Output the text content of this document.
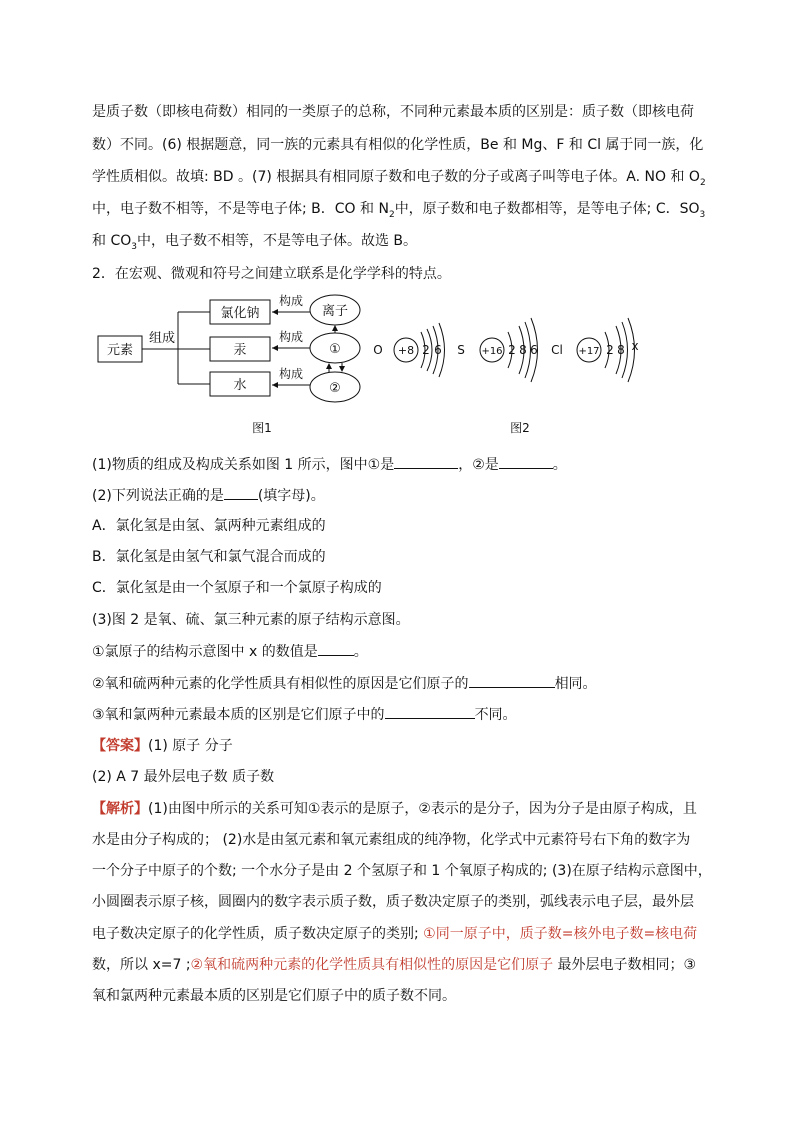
是质子数（即核电荷数）相同的一类原子的总称，不同种元素最本质的区别是：质子数（即核电荷
数）不同。(6) 根据题意，同一族的元素具有相似的化学性质，Be 和 Mg、F 和 Cl 属于同一族，化
学性质相似。故填: BD 。(7) 根据具有相同原子数和电子数的分子或离子叫等电子体。A. NO 和 $O_2$
中，电子数不相等，不是等电子体; B．CO 和 $N_2$中，原子数和电子数都相等，是等电子体; C．$SO_3$
和 $CO_3$中，电子数不相等，不是等电子体。故选 B。
2．在宏观、微观和符号之间建立联系是化学学科的特点。
元素
组成
氯化钠
汞
水
离子
①
②
构成
构成
构成
图1	图2
O +8 2 6 S +16 2 8 6 Cl +17 2 8 x
(1)物质的组成及构成关系如图 1 所示，图中①是	，②是	。
(2)下列说法正确的是 (填字母)。
A．氯化氢是由氢、氯两种元素组成的
B．氯化氢是由氢气和氯气混合而成的
C．氯化氢是由一个氢原子和一个氯原子构成的
(3)图 2 是氧、硫、氯三种元素的原子结构示意图。
①氯原子的结构示意图中 x 的数值是	。
②氧和硫两种元素的化学性质具有相似性的原因是它们原子的	相同。
③氧和氯两种元素最本质的区别是它们原子中的	不同。
【答案】(1) 原子 分子
(2) A 7 最外层电子数 质子数
【解析】(1)由图中所示的关系可知①表示的是原子，②表示的是分子，因为分子是由原子构成，且
水是由分子构成的； (2)水是由氢元素和氧元素组成的纯净物，化学式中元素符号右下角的数字为
一个分子中原子的个数; 一个水分子是由 2 个氢原子和 1 个氧原子构成的; (3)在原子结构示意图中，
小圆圈表示原子核，圆圈内的数字表示质子数，质子数决定原子的类别，弧线表示电子层，最外层
电子数决定原子的化学性质，质子数决定原子的类别; ①同一原子中，质子数=核外电子数=核电荷
数，所以 x=7 ;②氧和硫两种元素的化学性质具有相似性的原因是它们原子 最外层电子数相同；③
氧和氯两种元素最本质的区别是它们原子中的质子数不同。
